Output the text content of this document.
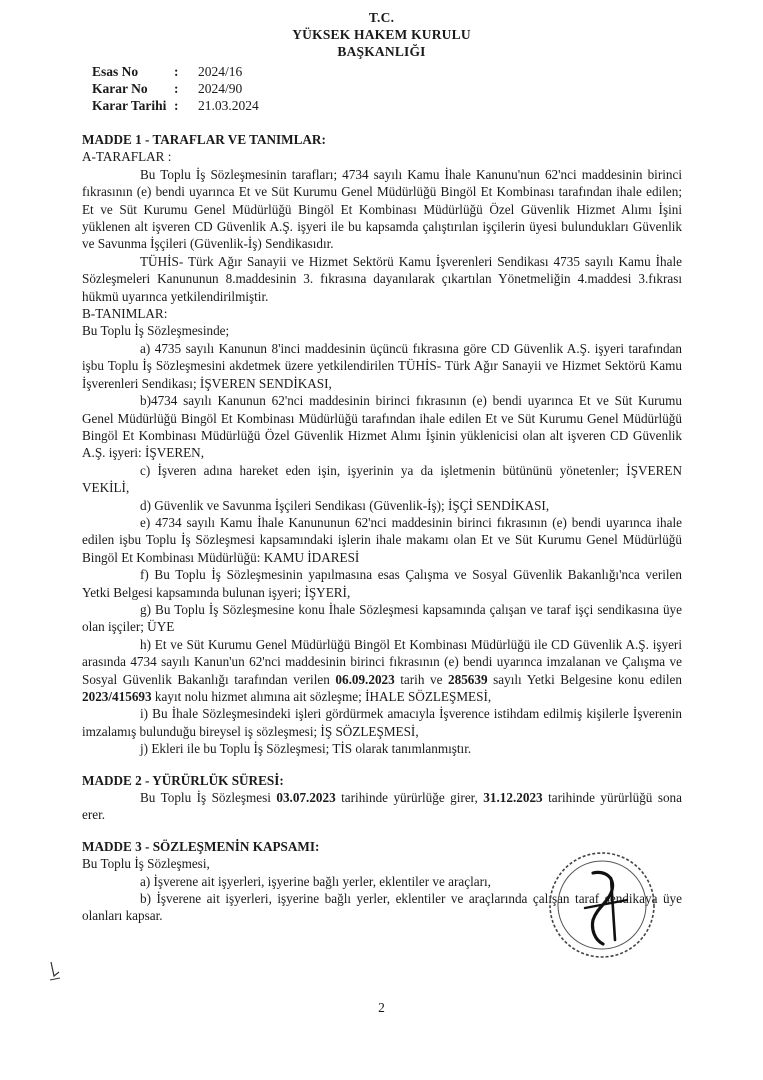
T.C.
YÜKSEK HAKEM KURULU
BAŞKANLIĞI
Esas No	: 2024/16
Karar No : 2024/90
Karar Tarihi : 21.03.2024

MADDE 1 - TARAFLAR VE TANIMLAR:

A-TARAFLAR :

Bu Toplu İş Sözleşmesinin tarafları; 4734 sayılı Kamu İhale Kanunu'nun 62'nci maddesinin birinci fıkrasının (e) bendi uyarınca Et ve Süt Kurumu Genel Müdürlüğü Bingöl Et Kombinası tarafından ihale edilen; Et ve Süt Kurumu Genel Müdürlüğü Bingöl Et Kombinası Müdürlüğü Özel Güvenlik Hizmet Alımı İşini yüklenen alt işveren CD Güvenlik A.Ş. işyeri ile bu kapsamda çalıştırılan işçilerin üyesi bulundukları Güvenlik ve Savunma İşçileri (Güvenlik-İş) Sendikasıdır.

TÜHİS- Türk Ağır Sanayii ve Hizmet Sektörü Kamu İşverenleri Sendikası 4735 sayılı Kamu İhale Sözleşmeleri Kanununun 8.maddesinin 3. fıkrasına dayanılarak çıkartılan Yönetmeliğin 4.maddesi 3.fıkrası hükmü uyarınca yetkilendirilmiştir.

B-TANIMLAR:

Bu Toplu İş Sözleşmesinde;

a) 4735 sayılı Kanunun 8'inci maddesinin üçüncü fıkrasına göre CD Güvenlik A.Ş. işyeri tarafından işbu Toplu İş Sözleşmesini akdetmek üzere yetkilendirilen TÜHİS- Türk Ağır Sanayii ve Hizmet Sektörü Kamu İşverenleri Sendikası; İŞVEREN SENDİKASI,

b)4734 sayılı Kanunun 62'nci maddesinin birinci fıkrasının (e) bendi uyarınca Et ve Süt Kurumu Genel Müdürlüğü Bingöl Et Kombinası Müdürlüğü tarafından ihale edilen Et ve Süt Kurumu Genel Müdürlüğü Bingöl Et Kombinası Müdürlüğü Özel Güvenlik Hizmet Alımı İşinin yüklenicisi olan alt işveren CD Güvenlik A.Ş. işyeri: İŞVEREN,

c) İşveren adına hareket eden işin, işyerinin ya da işletmenin bütününü yönetenler; İŞVEREN VEKİLİ,

d) Güvenlik ve Savunma İşçileri Sendikası (Güvenlik-İş); İŞÇİ SENDİKASI,

e) 4734 sayılı Kamu İhale Kanununun 62'nci maddesinin birinci fıkrasının (e) bendi uyarınca ihale edilen işbu Toplu İş Sözleşmesi kapsamındaki işlerin ihale makamı olan Et ve Süt Kurumu Genel Müdürlüğü Bingöl Et Kombinası Müdürlüğü: KAMU İDARESİ

f) Bu Toplu İş Sözleşmesinin yapılmasına esas Çalışma ve Sosyal Güvenlik Bakanlığı'nca verilen Yetki Belgesi kapsamında bulunan işyeri; İŞYERİ,

g) Bu Toplu İş Sözleşmesine konu İhale Sözleşmesi kapsamında çalışan ve taraf işçi sendikasına üye olan işçiler; ÜYE

h) Et ve Süt Kurumu Genel Müdürlüğü Bingöl Et Kombinası Müdürlüğü ile CD Güvenlik A.Ş. işyeri arasında 4734 sayılı Kanun'un 62'nci maddesinin birinci fıkrasının (e) bendi uyarınca imzalanan ve Çalışma ve Sosyal Güvenlik Bakanlığı tarafından verilen 06.09.2023 tarih ve 285639 sayılı Yetki Belgesine konu edilen 2023/415693 kayıt nolu hizmet alımına ait sözleşme; İHALE SÖZLEŞMESİ,

i) Bu İhale Sözleşmesindeki işleri gördürmek amacıyla İşverence istihdam edilmiş kişilerle İşverenin imzalamış bulunduğu bireysel iş sözleşmesi; İŞ SÖZLEŞMESİ,

j) Ekleri ile bu Toplu İş Sözleşmesi; TİS olarak tanımlanmıştır.

MADDE 2 - YÜRÜRLÜK SÜRESİ:

Bu Toplu İş Sözleşmesi 03.07.2023 tarihinde yürürlüğe girer, 31.12.2023 tarihinde yürürlüğü sona erer.

MADDE 3 - SÖZLEŞMENİN KAPSAMI:

Bu Toplu İş Sözleşmesi,

a) İşverene ait işyerleri, işyerine bağlı yerler, eklentiler ve araçları,

b) İşverene ait işyerleri, işyerine bağlı yerler, eklentiler ve araçlarında çalışan taraf sendikaya üye olanları kapsar.

2
